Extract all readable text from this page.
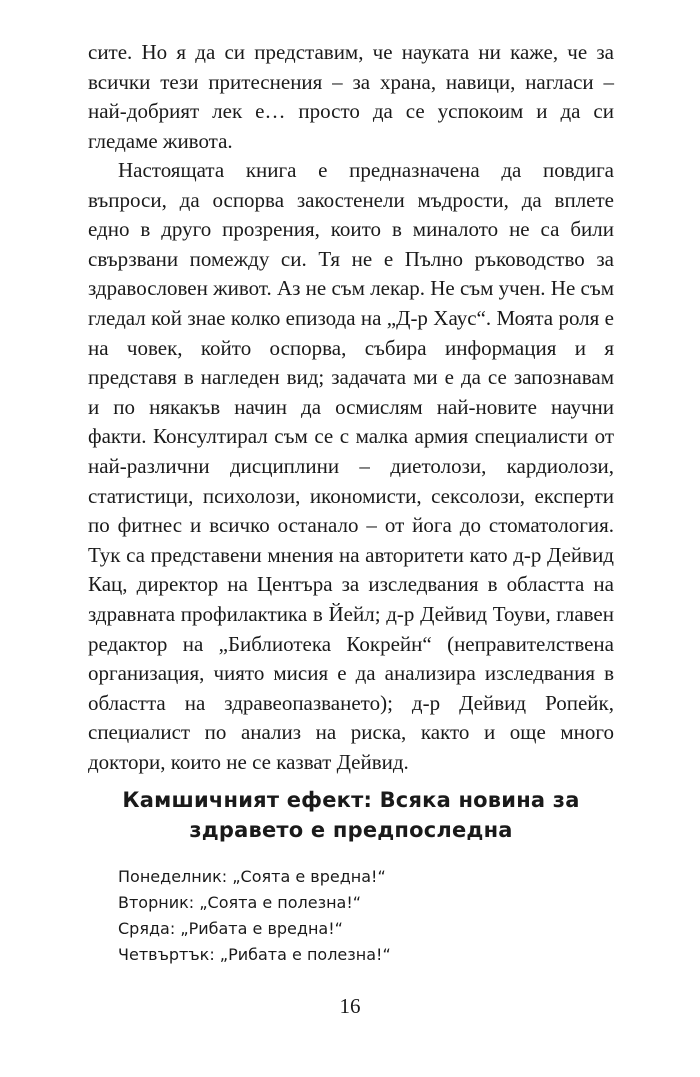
сите. Но я да си представим, че науката ни каже, че за всички тези притеснения – за храна, навици, нагласи – най-добрият лек е… просто да се успокоим и да си гледаме живота.

Настоящата книга е предназначена да повдига въпроси, да оспорва закостенели мъдрости, да вплете едно в друго прозрения, които в миналото не са били свързвани помежду си. Тя не е Пълно ръководство за здравословен живот. Аз не съм лекар. Не съм учен. Не съм гледал кой знае колко епизода на „Д-р Хаус“. Моята роля е на човек, който оспорва, събира информация и я представя в нагледен вид; задачата ми е да се запознавам и по някакъв начин да осмислям най-новите научни факти. Консултирал съм се с малка армия специалисти от най-различни дисциплини – диетолози, кардиолози, статистици, психолози, икономисти, сексолози, експерти по фитнес и всичко останало – от йога до стоматология. Тук са представени мнения на авторитети като д-р Дейвид Кац, директор на Центъра за изследвания в областта на здравната профилактика в Йейл; д-р Дейвид Тоуви, главен редактор на „Библиотека Кокрейн“ (неправителствена организация, чиято мисия е да анализира изследвания в областта на здравеопазването); д-р Дейвид Ропейк, специалист по анализ на риска, както и още много доктори, които не се казват Дейвид.

Камшичният ефект: Всяка новина за
здравето е предпоследна
Понеделник: „Соята е вредна!“
Вторник: „Соята е полезна!“
Сряда: „Рибата е вредна!“
Четвъртък: „Рибата е полезна!“
16
